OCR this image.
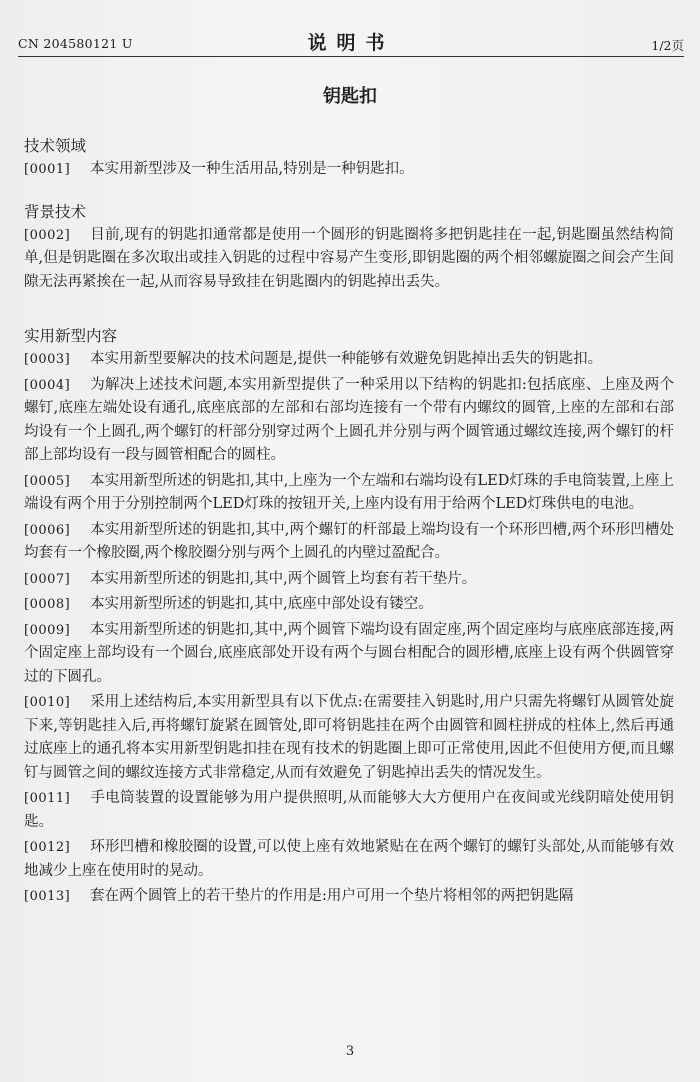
CN 204580121 U	说明书	1/2页
钥匙扣
技术领域

[0001] 本实用新型涉及一种生活用品,特别是一种钥匙扣。

背景技术

[0002] 目前,现有的钥匙扣通常都是使用一个圆形的钥匙圈将多把钥匙挂在一起,钥匙圈虽然结构简单,但是钥匙圈在多次取出或挂入钥匙的过程中容易产生变形,即钥匙圈的两个相邻螺旋圈之间会产生间隙无法再紧挨在一起,从而容易导致挂在钥匙圈内的钥匙掉出丢失。

实用新型内容

[0003] 本实用新型要解决的技术问题是,提供一种能够有效避免钥匙掉出丢失的钥匙扣。

[0004] 为解决上述技术问题,本实用新型提供了一种采用以下结构的钥匙扣:包括底座、上座及两个螺钉,底座左端处设有通孔,底座底部的左部和右部均连接有一个带有内螺纹的圆管,上座的左部和右部均设有一个上圆孔,两个螺钉的杆部分别穿过两个上圆孔并分别与两个圆管通过螺纹连接,两个螺钉的杆部上部均设有一段与圆管相配合的圆柱。

[0005] 本实用新型所述的钥匙扣,其中,上座为一个左端和右端均设有LED灯珠的手电筒装置,上座上端设有两个用于分别控制两个LED灯珠的按钮开关,上座内设有用于给两个LED灯珠供电的电池。

[0006] 本实用新型所述的钥匙扣,其中,两个螺钉的杆部最上端均设有一个环形凹槽,两个环形凹槽处均套有一个橡胶圈,两个橡胶圈分别与两个上圆孔的内壁过盈配合。

[0007] 本实用新型所述的钥匙扣,其中,两个圆管上均套有若干垫片。

[0008] 本实用新型所述的钥匙扣,其中,底座中部处设有镂空。

[0009] 本实用新型所述的钥匙扣,其中,两个圆管下端均设有固定座,两个固定座均与底座底部连接,两个固定座上部均设有一个圆台,底座底部处开设有两个与圆台相配合的圆形槽,底座上设有两个供圆管穿过的下圆孔。

[0010] 采用上述结构后,本实用新型具有以下优点:在需要挂入钥匙时,用户只需先将螺钉从圆管处旋下来,等钥匙挂入后,再将螺钉旋紧在圆管处,即可将钥匙挂在两个由圆管和圆柱拼成的柱体上,然后再通过底座上的通孔将本实用新型钥匙扣挂在现有技术的钥匙圈上即可正常使用,因此不但使用方便,而且螺钉与圆管之间的螺纹连接方式非常稳定,从而有效避免了钥匙掉出丢失的情况发生。

[0011] 手电筒装置的设置能够为用户提供照明,从而能够大大方便用户在夜间或光线阴暗处使用钥匙。

[0012] 环形凹槽和橡胶圈的设置,可以使上座有效地紧贴在在两个螺钉的螺钉头部处,从而能够有效地减少上座在使用时的晃动。

[0013] 套在两个圆管上的若干垫片的作用是:用户可用一个垫片将相邻的两把钥匙隔

3
